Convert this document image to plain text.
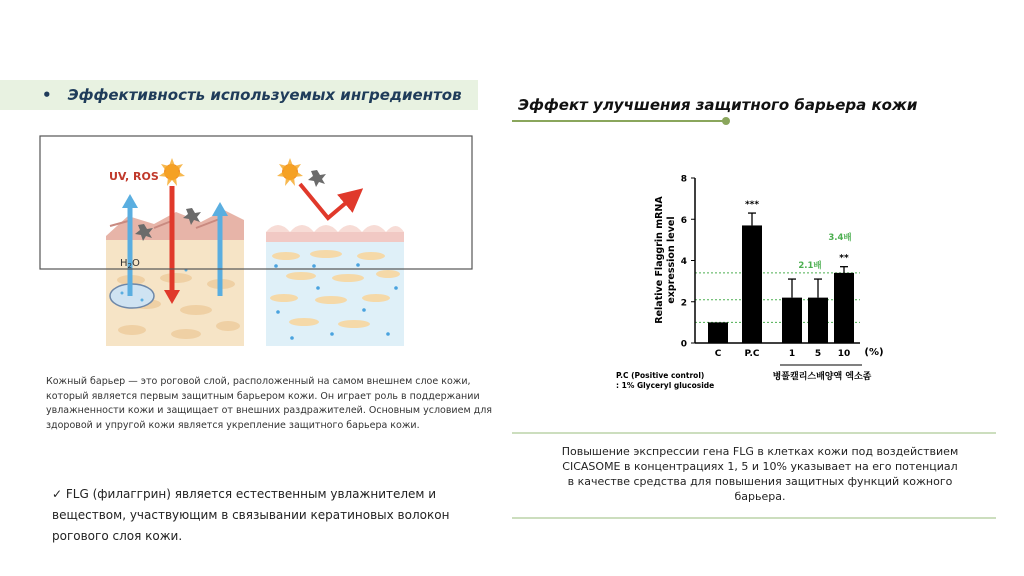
• Эффективность используемых ингредиентов
UV, ROS
$H_2O$
Кожный барьер — это роговой слой, расположенный на самом внешнем слое кожи, который является первым защитным барьером кожи. Он играет роль в поддержании увлажненности кожи и защищает от внешних раздражителей. Основным условием для здоровой и упругой кожи является укрепление защитного барьера кожи.
✓ FLG (филаггрин) является естественным увлажнителем и веществом, участвующим в связывании кератиновых волокон рогового слоя кожи.
Эффект улучшения защитного барьера кожи
***
**
Relative Flaggrin mRNA expression level
0
2
4
6
8
C	P.C	1 5 10 (%)
2.1배
3.4배
병풀캘리스배양액 엑소좀
P.C (Positive control)
: 1% Glyceryl glucoside
Повышение экспрессии гена FLG в клетках кожи под воздействием CICASOME в концентрациях 1, 5 и 10% указывает на его потенциал в качестве средства для повышения защитных функций кожного барьера.
